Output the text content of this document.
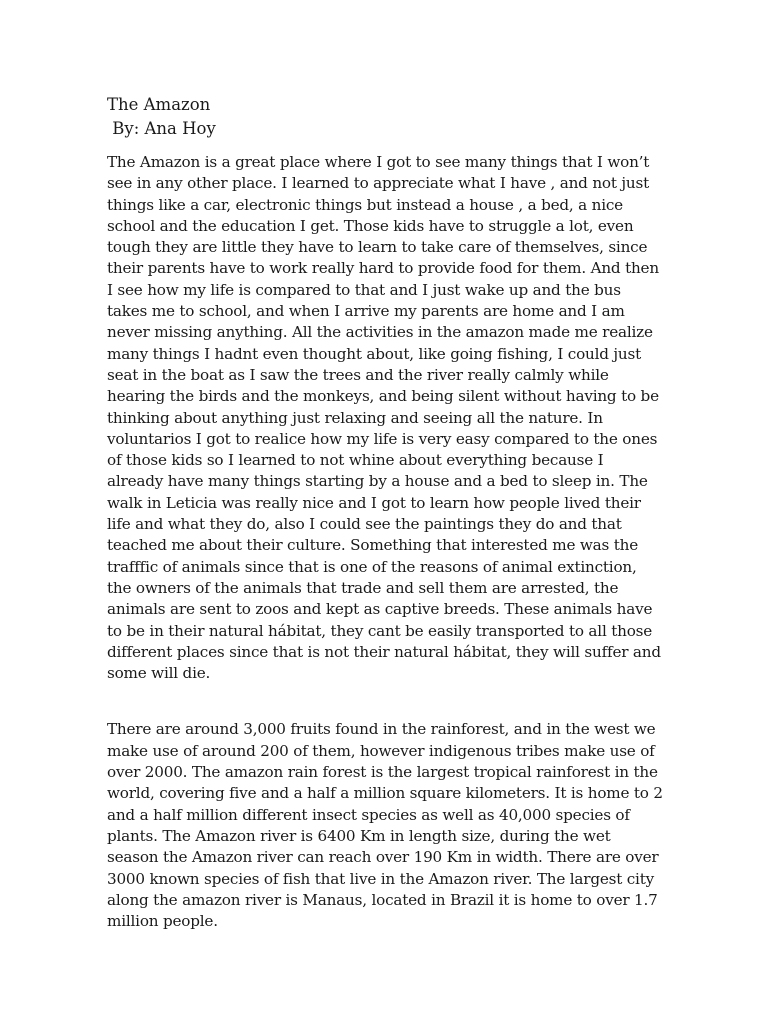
The Amazon
By: Ana Hoy

The Amazon is a great place where I got to see many things that I won’t see in any other place. I learned to appreciate what I have , and not just things like a car, electronic things but instead a house , a bed, a nice school and the education I get. Those kids have to struggle a lot, even tough they are little they have to learn to take care of themselves, since their parents have to work really hard to provide food for them. And then I see how my life is compared to that and I just wake up and the bus takes me to school, and when I arrive my parents are home and I am never missing anything. All the activities in the amazon made me realize many things I hadnt even thought about, like going fishing, I could just seat in the boat as I saw the trees and the river really calmly while hearing the birds and the monkeys, and being silent without having to be thinking about anything just relaxing and seeing all the nature. In voluntarios I got to realice how my life is very easy compared to the ones of those kids so I learned to not whine about everything because I already have many things starting by a house and a bed to sleep in. The walk in Leticia was really nice and I got to learn how people lived their life and what they do, also I could see the paintings they do and that teached me about their culture. Something that interested me was the trafffic of animals since that is one of the reasons of animal extinction, the owners of the animals that trade and sell them are arrested, the animals are sent to zoos and kept as captive breeds. These animals have to be in their natural hábitat, they cant be easily transported to all those different places since that is not their natural hábitat, they will suffer and some will die.

There are around 3,000 fruits found in the rainforest, and in the west we make use of around 200 of them, however indigenous tribes make use of over 2000. The amazon rain forest is the largest tropical rainforest in the world, covering five and a half a million square kilometers. It is home to 2 and a half million different insect species as well as 40,000 species of plants. The Amazon river is 6400 Km in length size, during the wet season the Amazon river can reach over 190 Km in width. There are over 3000 known species of fish that live in the Amazon river. The largest city along the amazon river is Manaus, located in Brazil it is home to over 1.7 million people.
